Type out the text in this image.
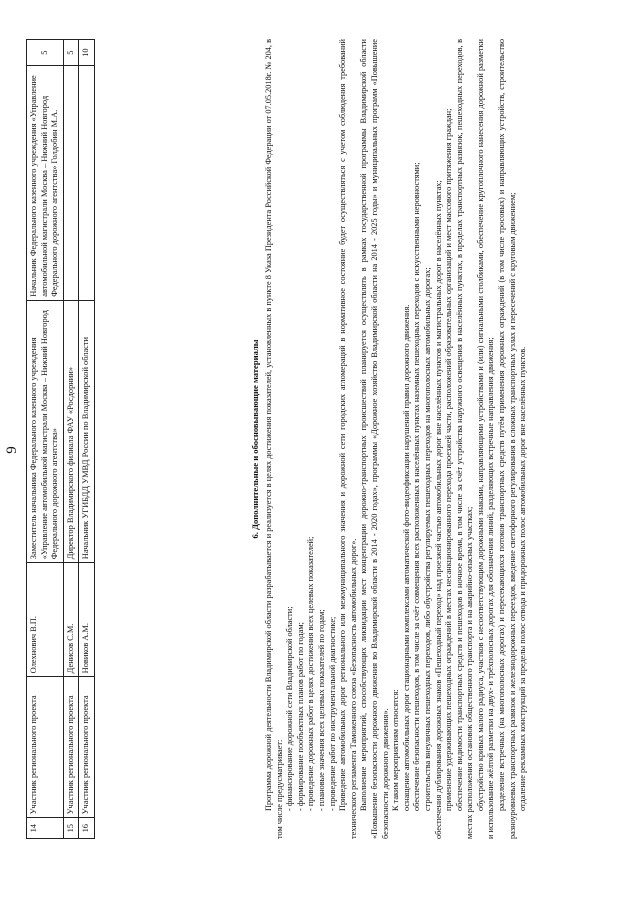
9
14	Участник регионального проекта	Олехнович В.П.	Заместитель начальника Федерального казенного учреждения «Управление автомобильной магистрали Москва – Нижний Новгород Федерального дорожного агентства»	Начальник Федерального казенного учреждения «Управление автомобильной магистрали Москва – Нижний Новгород Федерального дорожного агентства» Голдобин М.А.	5
15	Участник регионального проекта	Денисов С.М.	Директор Владимирского филиала ФАУ «Росдорнии»		5
16	Участник регионального проекта	Новиков А.М.	Начальник УГИБДД УМВД России по Владимирской области		10
6. Дополнительные и обосновывающие материалы Программа дорожной деятельности Владимирской области разрабатывается и реализуется в целях достижения показателей, установленных в пункте 8 Указа Президента Российской Федерации от 07.05.2018г. № 204, в том числе предусматривает: - финансирование дорожной сети Владимирской области; - формирование пообъектных планов работ по годам; - проведение дорожных работ в целях достижения всех целевых показателей; - плановые значения всех целевых показателей по годам; - проведение работ по инструментальной диагностике; Приведение автомобильных дорог регионального или межмуниципального значения и дорожной сети городских агломераций в нормативное состояние будет осуществляться с учетом соблюдения требований технического регламента Таможенного союза «Безопасность автомобильных дорог». Выполнение мероприятий, способствующих ликвидации мест концентрации дорожно-транспортных происшествий планируется осуществлять в рамках государственной программы Владимирской области «Повышение безопасности дорожного движения во Владимирской области в 2014 - 2020 годах», программы «Дорожное хозяйство Владимирской области на 2014 - 2025 годы» и муниципальных программ «Повышение безопасности дорожного движения». К таким мероприятиям относятся: оснащение автомобильных дорог стационарными комплексами автоматической фото-видеофиксации нарушений правил дорожного движения. обеспечение безопасности пешеходов, в том числе за счёт совмещения всех расположенных в населённых пунктах наземных пешеходных переходов с искусственными неровностями; строительства внеуличных пешеходных переходов, либо обустройства регулируемых пешеходных переходов на многополосных автомобильных дорогах; обеспечения дублирования дорожных знаков «Пешеходный переход» над проезжей частью автомобильных дорог вне населённых пунктов и магистральных дорог в населённых пунктах; применение удерживающих пешеходных ограждений в местах несанкционированного перехода проезжей части, расположений образовательных организаций и мест массового притяжения граждан; обеспечение видимости транспортных средств и пешеходов в ночное время, в том числе за счёт устройства наружного освещения в населённых пунктах, в пределах транспортных развязок, пешеходных переходов, в местах расположения остановок общественного транспорта и на аварийно-опасных участках; обустройство кривых малого радиуса, участков с несоответствующим дорожными знаками, направляющими устройствами и (или) сигнальными столбиками, обеспечение кругоплочного нанесения дорожной разметки и использование жёлтой разметки на двух- и трёхполосных дорогах для обозначения линий, разделяющих встречные направления движения; разделение встречных (на многополосных дорогах) и пересекающихся потоков транспортных средств путём применения дорожных ограждений (в том числе тросовых) и направляющих устройств, строительство разноуровневых транспортных развязок и железнодорожных переездов, введение светофорного регулирования в сложных транспортных узлах и пересечений с круговым движением; отдаление рекламных конструкций за пределы полос отвода и придорожных полос автомобильных дорог вне населённых пунктов.
